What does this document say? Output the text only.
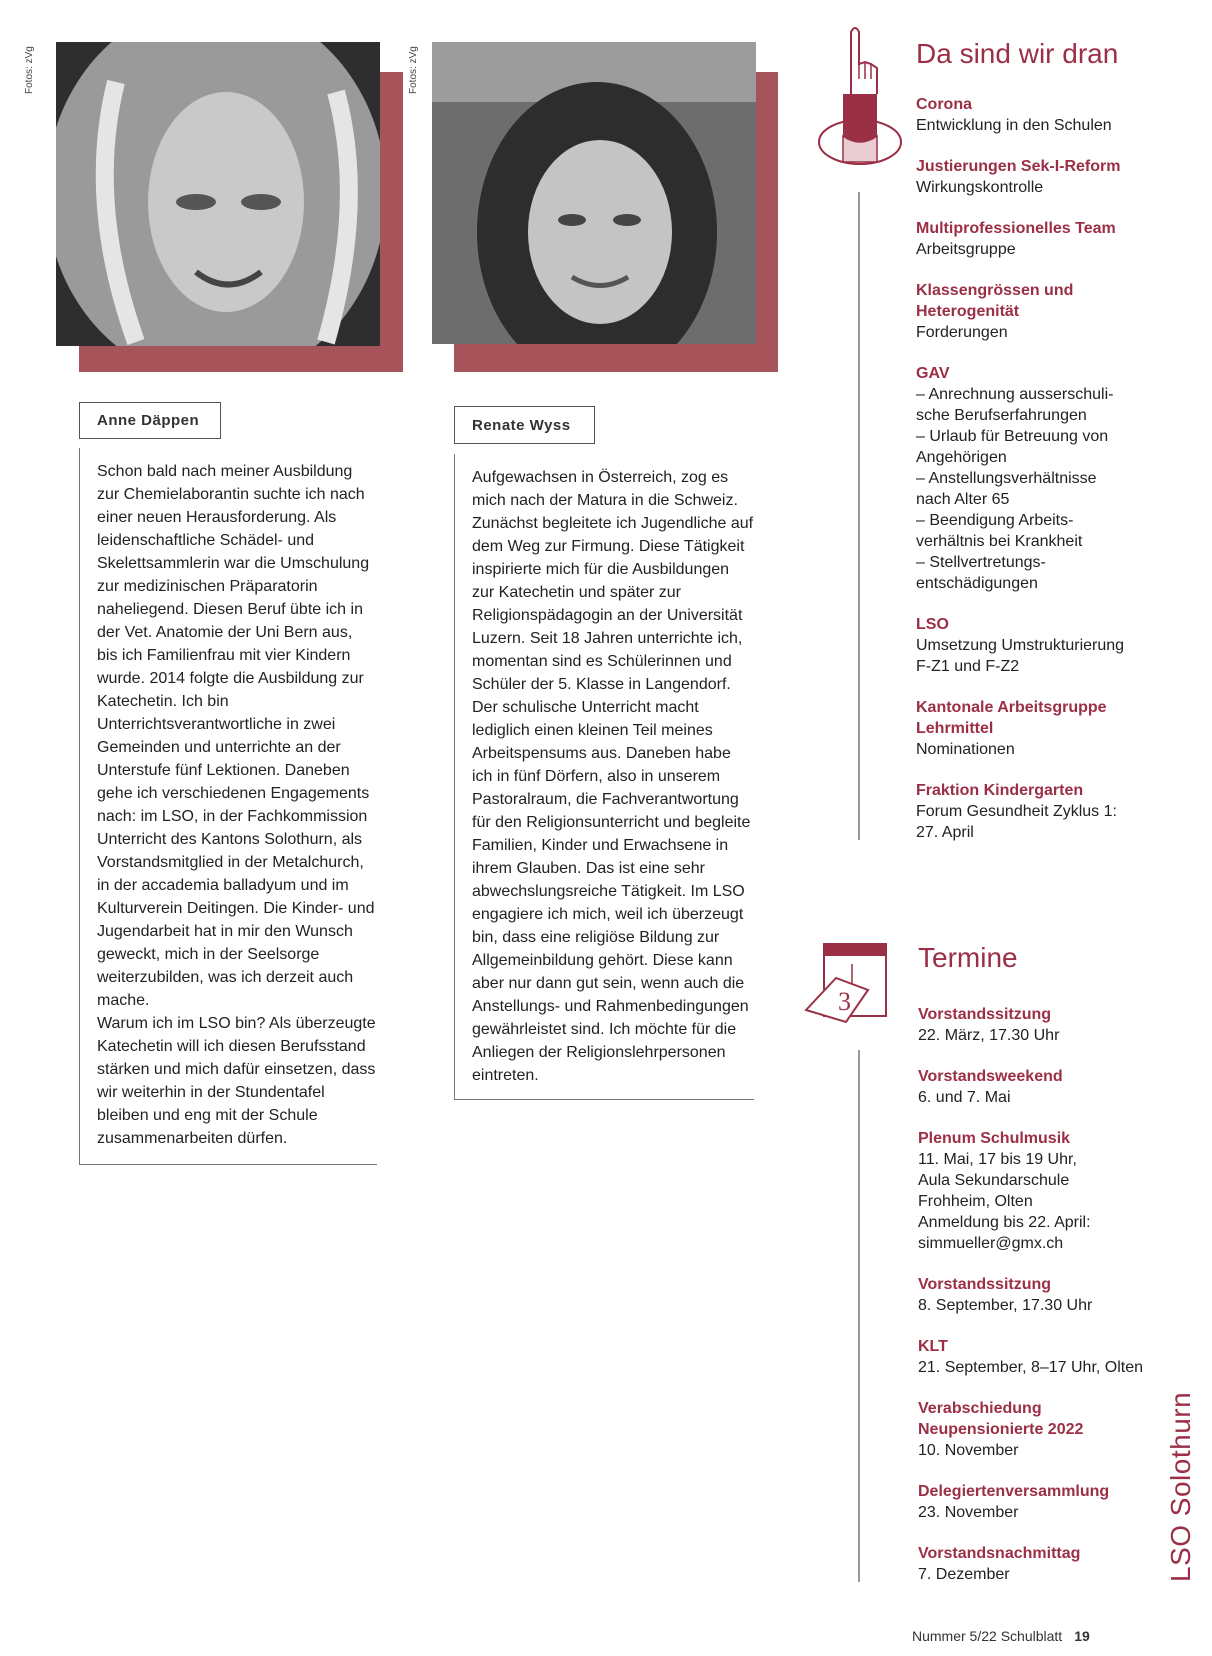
Fotos: zVg
Anne Däppen

Schon bald nach meiner Ausbildung zur Chemielaborantin suchte ich nach einer neuen Herausforderung. Als leidenschaftliche Schädel- und Skelettsammlerin war die Umschulung zur medizinischen Präparatorin naheliegend. Diesen Beruf übte ich in der Vet. Anatomie der Uni Bern aus, bis ich Familienfrau mit vier Kindern wurde. 2014 folgte die Ausbildung zur Katechetin. Ich bin Unterrichtsverantwortliche in zwei Gemeinden und unterrichte an der Unterstufe fünf Lektionen. Daneben gehe ich verschiedenen Engagements nach: im LSO, in der Fachkommission Unterricht des Kantons Solothurn, als Vorstandsmitglied in der Metalchurch, in der accademia balladyum und im Kulturverein Deitingen. Die Kinder- und Jugendarbeit hat in mir den Wunsch geweckt, mich in der Seelsorge weiterzubilden, was ich derzeit auch mache.

Warum ich im LSO bin? Als überzeugte Katechetin will ich diesen Berufsstand stärken und mich dafür einsetzen, dass wir weiterhin in der Stundentafel bleiben und eng mit der Schule zusammenarbeiten dürfen.

Fotos: zVg
Renate Wyss

Aufgewachsen in Österreich, zog es mich nach der Matura in die Schweiz. Zunächst begleitete ich Jugendliche auf dem Weg zur Firmung. Diese Tätigkeit inspirierte mich für die Ausbildungen zur Katechetin und später zur Religionspädagogin an der Universität Luzern. Seit 18 Jahren unterrichte ich, momentan sind es Schülerinnen und Schüler der 5. Klasse in Langendorf. Der schulische Unterricht macht lediglich einen kleinen Teil meines Arbeitspensums aus. Daneben habe ich in fünf Dörfern, also in unserem Pastoralraum, die Fachverantwortung für den Religionsunterricht und begleite Familien, Kinder und Erwachsene in ihrem Glauben. Das ist eine sehr abwechslungsreiche Tätigkeit. Im LSO engagiere ich mich, weil ich überzeugt bin, dass eine religiöse Bildung zur Allgemeinbildung gehört. Diese kann aber nur dann gut sein, wenn auch die Anstellungs- und Rahmenbedingungen gewährleistet sind. Ich möchte für die Anliegen der Religionslehrpersonen eintreten.

Da sind wir dran
Corona
Entwicklung in den Schulen
Justierungen Sek-I-Reform
Wirkungskontrolle
Multiprofessionelles Team
Arbeitsgruppe
Klassengrössen und
Heterogenität
Forderungen
GAV
– Anrechnung ausserschuli-
sche Berufserfahrungen
– Urlaub für Betreuung von
Angehörigen
– Anstellungsverhältnisse
nach Alter 65
– Beendigung Arbeits-
verhältnis bei Krankheit
– Stellvertretungs-
entschädigungen
LSO
Umsetzung Umstrukturierung
F-Z1 und F-Z2
Kantonale Arbeitsgruppe
Lehrmittel
Nominationen
Fraktion Kindergarten
Forum Gesundheit Zyklus 1:
27. April
3
Termine
Vorstandssitzung
22. März, 17.30 Uhr
Vorstandsweekend
6. und 7. Mai
Plenum Schulmusik
11. Mai, 17 bis 19 Uhr,
Aula Sekundarschule
Frohheim, Olten
Anmeldung bis 22. April:
simmueller@gmx.ch
Vorstandssitzung
8. September, 17.30 Uhr
KLT
21. September, 8–17 Uhr, Olten
Verabschiedung
Neupensionierte 2022
10. November
Delegiertenversammlung
23. November
Vorstandsnachmittag
7. Dezember	LSO Solothurn
Nummer 5/22 Schulblatt 19
